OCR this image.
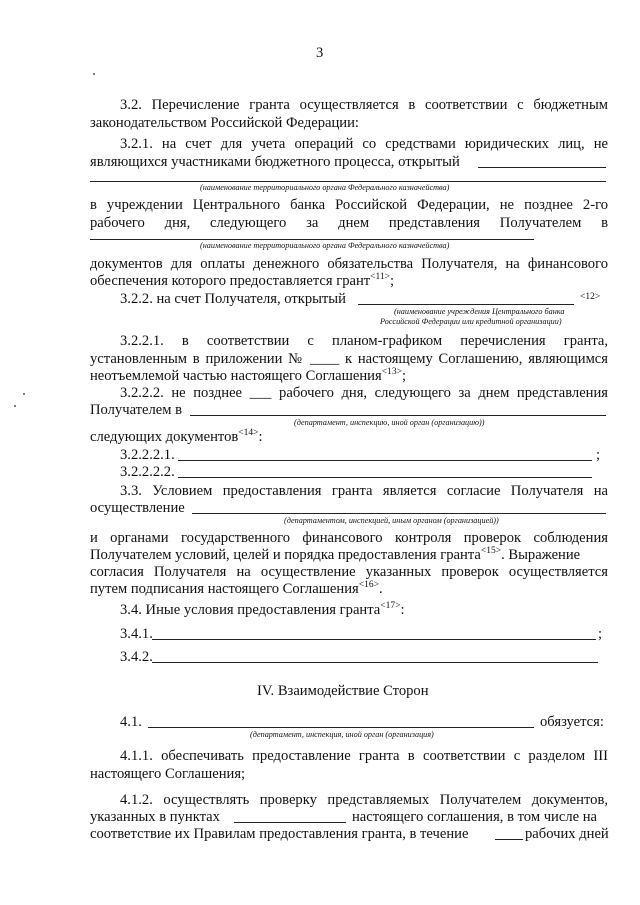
3
3.2. Перечисление гранта осуществляется в соответствии с бюджетным
законодательством Российской Федерации:
3.2.1. на счет для учета операций со средствами юридических лиц, не
являющихся участниками бюджетного процесса, открытый
(наименование территориального органа Федерального казначейства)
в учреждении Центрального банка Российской Федерации, не позднее 2-го
рабочего дня, следующего за днем представления Получателем в
(наименование территориального органа Федерального казначейства)
документов для оплаты денежного обязательства Получателя, на финансового
обеспечения которого предоставляется грант$^{<11>}$;
3.2.2. на счет Получателя, открытый	<12>
(наименование учреждения Центрального банка
Российской Федерации или кредитной организации)
3.2.2.1. в соответствии с планом-графиком перечисления гранта,
установленным в приложении № ____ к настоящему Соглашению, являющимся
неотъемлемой частью настоящего Соглашения$^{<13>}$;
3.2.2.2. не позднее ___ рабочего дня, следующего за днем представления
Получателем в
(департамент, инспекцию, иной орган (организацию))
следующих документов$^{<14>}$:
3.2.2.2.1.	;
3.2.2.2.2.
3.3. Условием предоставления гранта является согласие Получателя на
осуществление
(департаментом, инспекцией, иным органом (организацией))
и органами государственного финансового контроля проверок соблюдения
Получателем условий, целей и порядка предоставления гранта$^{<15>}$. Выражение
согласия Получателя на осуществление указанных проверок осуществляется
путем подписания настоящего Соглашения$^{<16>}$.
3.4. Иные условия предоставления гранта$^{<17>}$:
3.4.1.	;
3.4.2.
IV. Взаимодействие Сторон
4.1.	обязуется:
(департамент, инспекция, иной орган (организация)
4.1.1. обеспечивать предоставление гранта в соответствии с разделом III
настоящего Соглашения;
4.1.2. осуществлять проверку представляемых Получателем документов,
указанных в пунктах	настоящего соглашения, в том числе на
соответствие их Правилам предоставления гранта, в течение	рабочих дней
